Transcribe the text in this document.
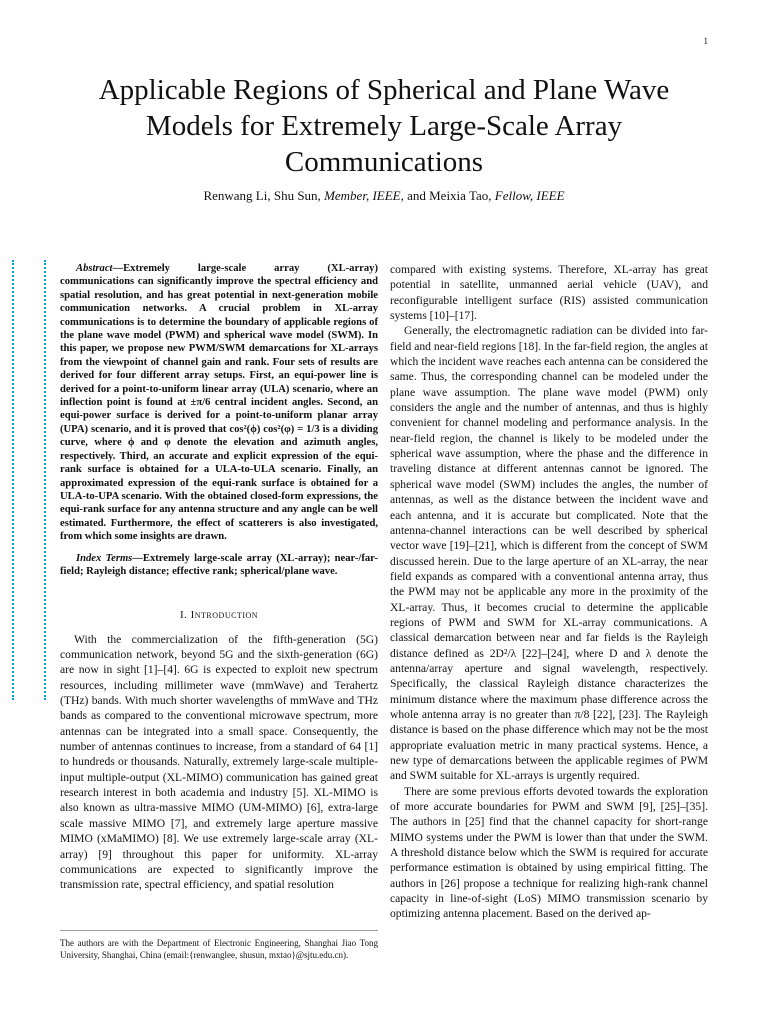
1
Applicable Regions of Spherical and Plane Wave Models for Extremely Large-Scale Array Communications
Renwang Li, Shu Sun, Member, IEEE, and Meixia Tao, Fellow, IEEE

Abstract—Extremely large-scale array (XL-array) communications can significantly improve the spectral efficiency and spatial resolution, and has great potential in next-generation mobile communication networks. A crucial problem in XL-array communications is to determine the boundary of applicable regions of the plane wave model (PWM) and spherical wave model (SWM). In this paper, we propose new PWM/SWM demarcations for XL-arrays from the viewpoint of channel gain and rank. Four sets of results are derived for four different array setups. First, an equi-power line is derived for a point-to-uniform linear array (ULA) scenario, where an inflection point is found at ±π/6 central incident angles. Second, an equi-power surface is derived for a point-to-uniform planar array (UPA) scenario, and it is proved that cos²(ϕ) cos²(φ) = 1/3 is a dividing curve, where ϕ and φ denote the elevation and azimuth angles, respectively. Third, an accurate and explicit expression of the equi-rank surface is obtained for a ULA-to-ULA scenario. Finally, an approximated expression of the equi-rank surface is obtained for a ULA-to-UPA scenario. With the obtained closed-form expressions, the equi-rank surface for any antenna structure and any angle can be well estimated. Furthermore, the effect of scatterers is also investigated, from which some insights are drawn.

Index Terms—Extremely large-scale array (XL-array); near-/far-field; Rayleigh distance; effective rank; spherical/plane wave.

I. Introduction

With the commercialization of the fifth-generation (5G) communication network, beyond 5G and the sixth-generation (6G) are now in sight [1]–[4]. 6G is expected to exploit new spectrum resources, including millimeter wave (mmWave) and Terahertz (THz) bands. With much shorter wavelengths of mmWave and THz bands as compared to the conventional microwave spectrum, more antennas can be integrated into a small space. Consequently, the number of antennas continues to increase, from a standard of 64 [1] to hundreds or thousands. Naturally, extremely large-scale multiple-input multiple-output (XL-MIMO) communication has gained great research interest in both academia and industry [5]. XL-MIMO is also known as ultra-massive MIMO (UM-MIMO) [6], extra-large scale massive MIMO [7], and extremely large aperture massive MIMO (xMaMIMO) [8]. We use extremely large-scale array (XL-array) [9] throughout this paper for uniformity. XL-array communications are expected to significantly improve the transmission rate, spectral efficiency, and spatial resolution

The authors are with the Department of Electronic Engineering, Shanghai Jiao Tong University, Shanghai, China (email:{renwanglee, shusun, mxtao}@sjtu.edu.cn).

compared with existing systems. Therefore, XL-array has great potential in satellite, unmanned aerial vehicle (UAV), and reconfigurable intelligent surface (RIS) assisted communication systems [10]–[17].

Generally, the electromagnetic radiation can be divided into far-field and near-field regions [18]. In the far-field region, the angles at which the incident wave reaches each antenna can be considered the same. Thus, the corresponding channel can be modeled under the plane wave assumption. The plane wave model (PWM) only considers the angle and the number of antennas, and thus is highly convenient for channel modeling and performance analysis. In the near-field region, the channel is likely to be modeled under the spherical wave assumption, where the phase and the difference in traveling distance at different antennas cannot be ignored. The spherical wave model (SWM) includes the angles, the number of antennas, as well as the distance between the incident wave and each antenna, and it is accurate but complicated. Note that the antenna-channel interactions can be well described by spherical vector wave [19]–[21], which is different from the concept of SWM discussed herein. Due to the large aperture of an XL-array, the near field expands as compared with a conventional antenna array, thus the PWM may not be applicable any more in the proximity of the XL-array. Thus, it becomes crucial to determine the applicable regions of PWM and SWM for XL-array communications. A classical demarcation between near and far fields is the Rayleigh distance defined as 2D²/λ [22]–[24], where D and λ denote the antenna/array aperture and signal wavelength, respectively. Specifically, the classical Rayleigh distance characterizes the minimum distance where the maximum phase difference across the whole antenna array is no greater than π/8 [22], [23]. The Rayleigh distance is based on the phase difference which may not be the most appropriate evaluation metric in many practical systems. Hence, a new type of demarcations between the applicable regimes of PWM and SWM suitable for XL-arrays is urgently required.

There are some previous efforts devoted towards the exploration of more accurate boundaries for PWM and SWM [9], [25]–[35]. The authors in [25] find that the channel capacity for short-range MIMO systems under the PWM is lower than that under the SWM. A threshold distance below which the SWM is required for accurate performance estimation is obtained by using empirical fitting. The authors in [26] propose a technique for realizing high-rank channel capacity in line-of-sight (LoS) MIMO transmission scenario by optimizing antenna placement. Based on the derived ap-
